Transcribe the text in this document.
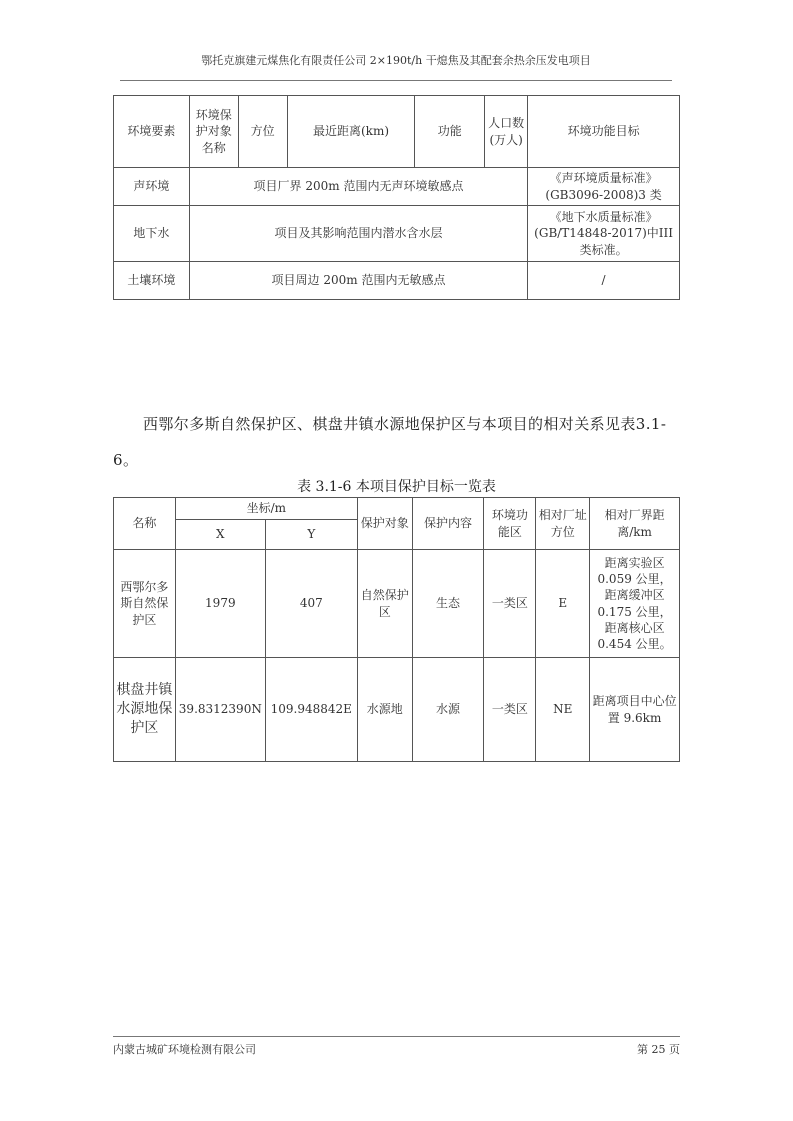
鄂托克旗建元煤焦化有限责任公司 2×190t/h 干熄焦及其配套余热余压发电项目
环境要素	环境保护对象名称	方位	最近距离(km)	功能	人口数(万人)	环境功能目标
声环境	项目厂界 200m 范围内无声环境敏感点					《声环境质量标准》(GB3096-2008)3 类
地下水	项目及其影响范围内潜水含水层					《地下水质量标准》(GB/T14848-2017)中III类标准。
土壤环境	项目周边 200m 范围内无敏感点					/
西鄂尔多斯自然保护区、棋盘井镇水源地保护区与本项目的相对关系见表3.1-6。
表 3.1-6 本项目保护目标一览表
名称	坐标/m		保护对象	保护内容	环境功能区	相对厂址方位	相对厂界距离/km
	X	Y					
西鄂尔多斯自然保护区	1979	407	自然保护区	生态	一类区	E	距离实验区0.059 公里，距离缓冲区0.175 公里，距离核心区0.454 公里。
棋盘井镇水源地保护区	39.8312390N	109.948842E	水源地	水源	一类区	NE	距离项目中心位置 9.6km
内蒙古城矿环境检测有限公司	第 25 页
